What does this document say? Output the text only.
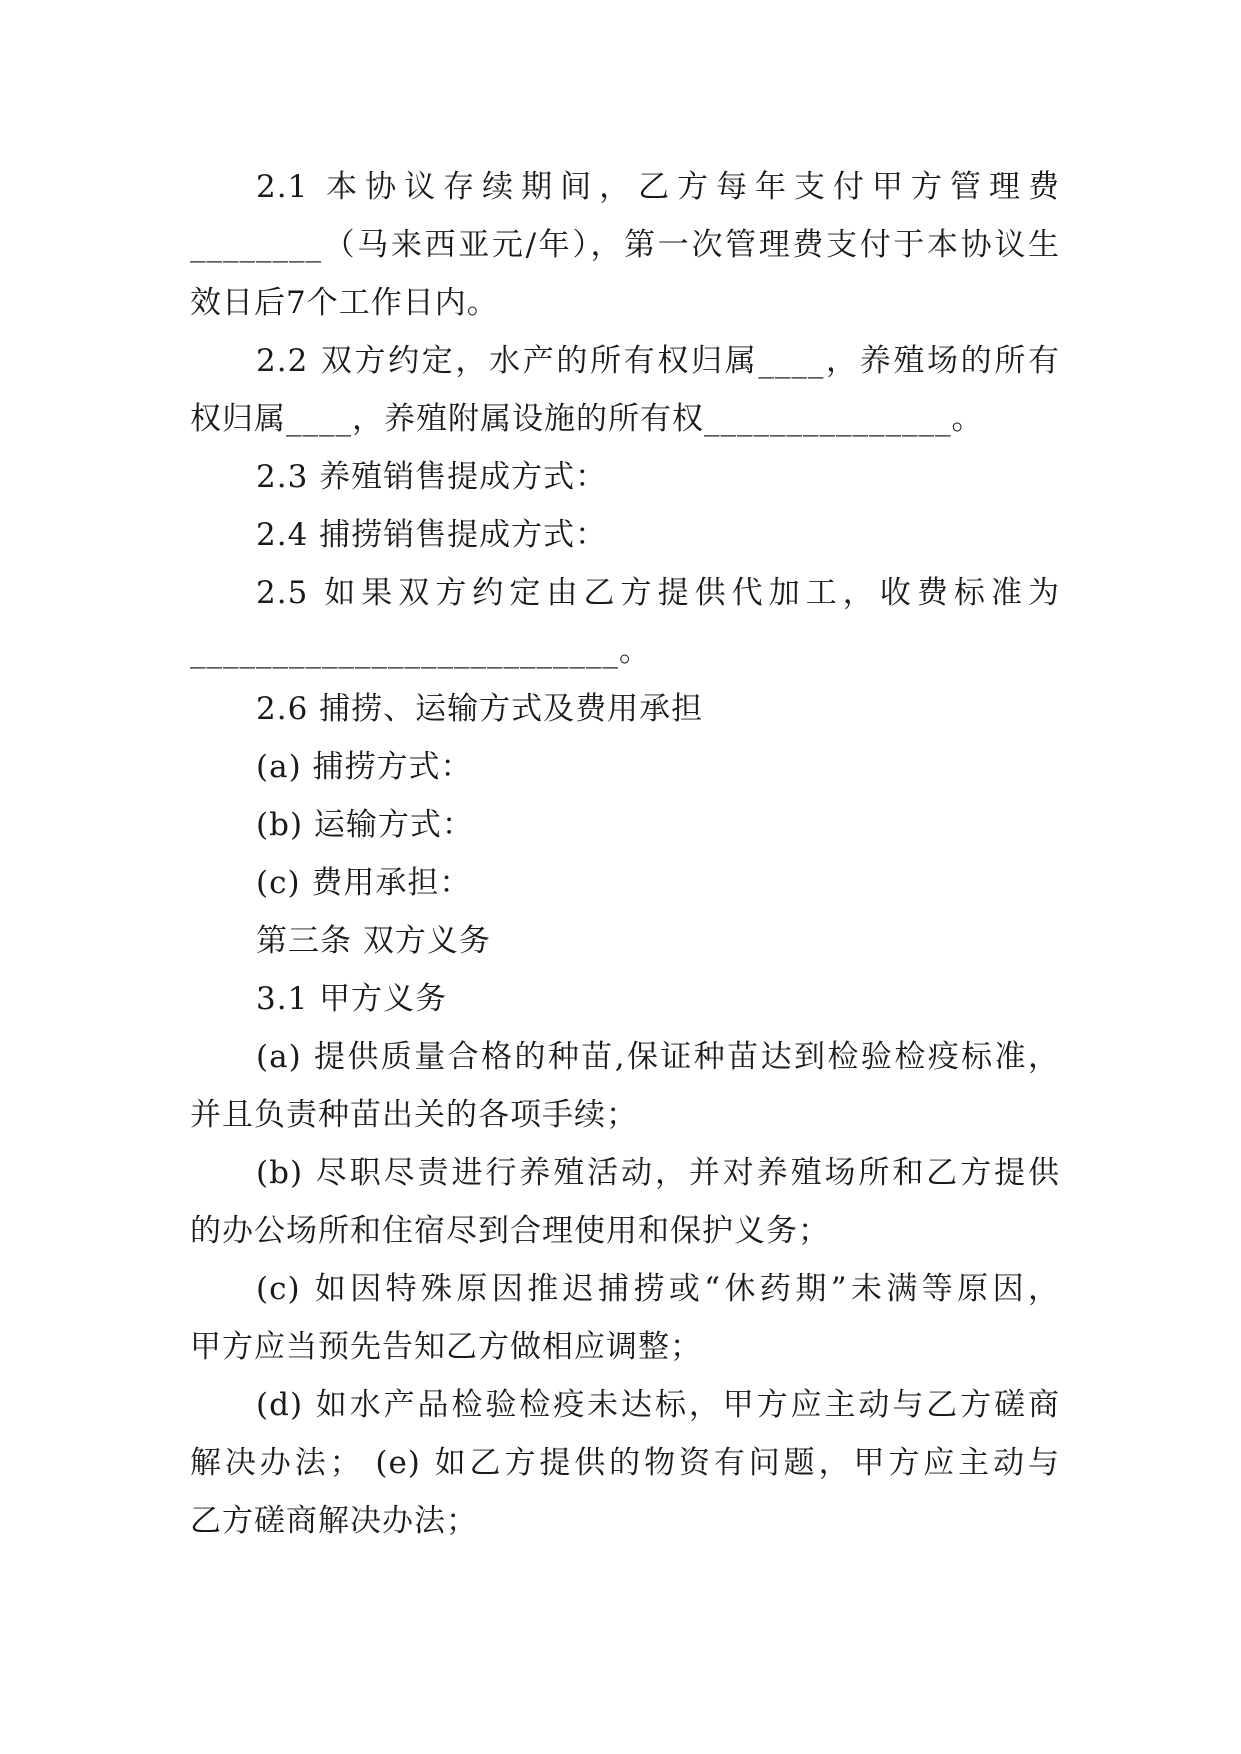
2.1 本协议存续期间，乙方每年支付甲方管理费
________（马来西亚元/年），第一次管理费支付于本协议生
效日后7个工作日内。
2.2 双方约定，水产的所有权归属____，养殖场的所有
权归属____，养殖附属设施的所有权_______________。
2.3 养殖销售提成方式：
2.4 捕捞销售提成方式：
2.5 如果双方约定由乙方提供代加工，收费标准为
__________________________。
2.6 捕捞、运输方式及费用承担
(a) 捕捞方式：
(b) 运输方式：
(c) 费用承担：
第三条 双方义务
3.1 甲方义务
(a) 提供质量合格的种苗,保证种苗达到检验检疫标准，
并且负责种苗出关的各项手续；
(b) 尽职尽责进行养殖活动，并对养殖场所和乙方提供
的办公场所和住宿尽到合理使用和保护义务；
(c) 如因特殊原因推迟捕捞或“休药期”未满等原因，
甲方应当预先告知乙方做相应调整；
(d) 如水产品检验检疫未达标，甲方应主动与乙方磋商
解决办法； (e) 如乙方提供的物资有问题，甲方应主动与
乙方磋商解决办法；
